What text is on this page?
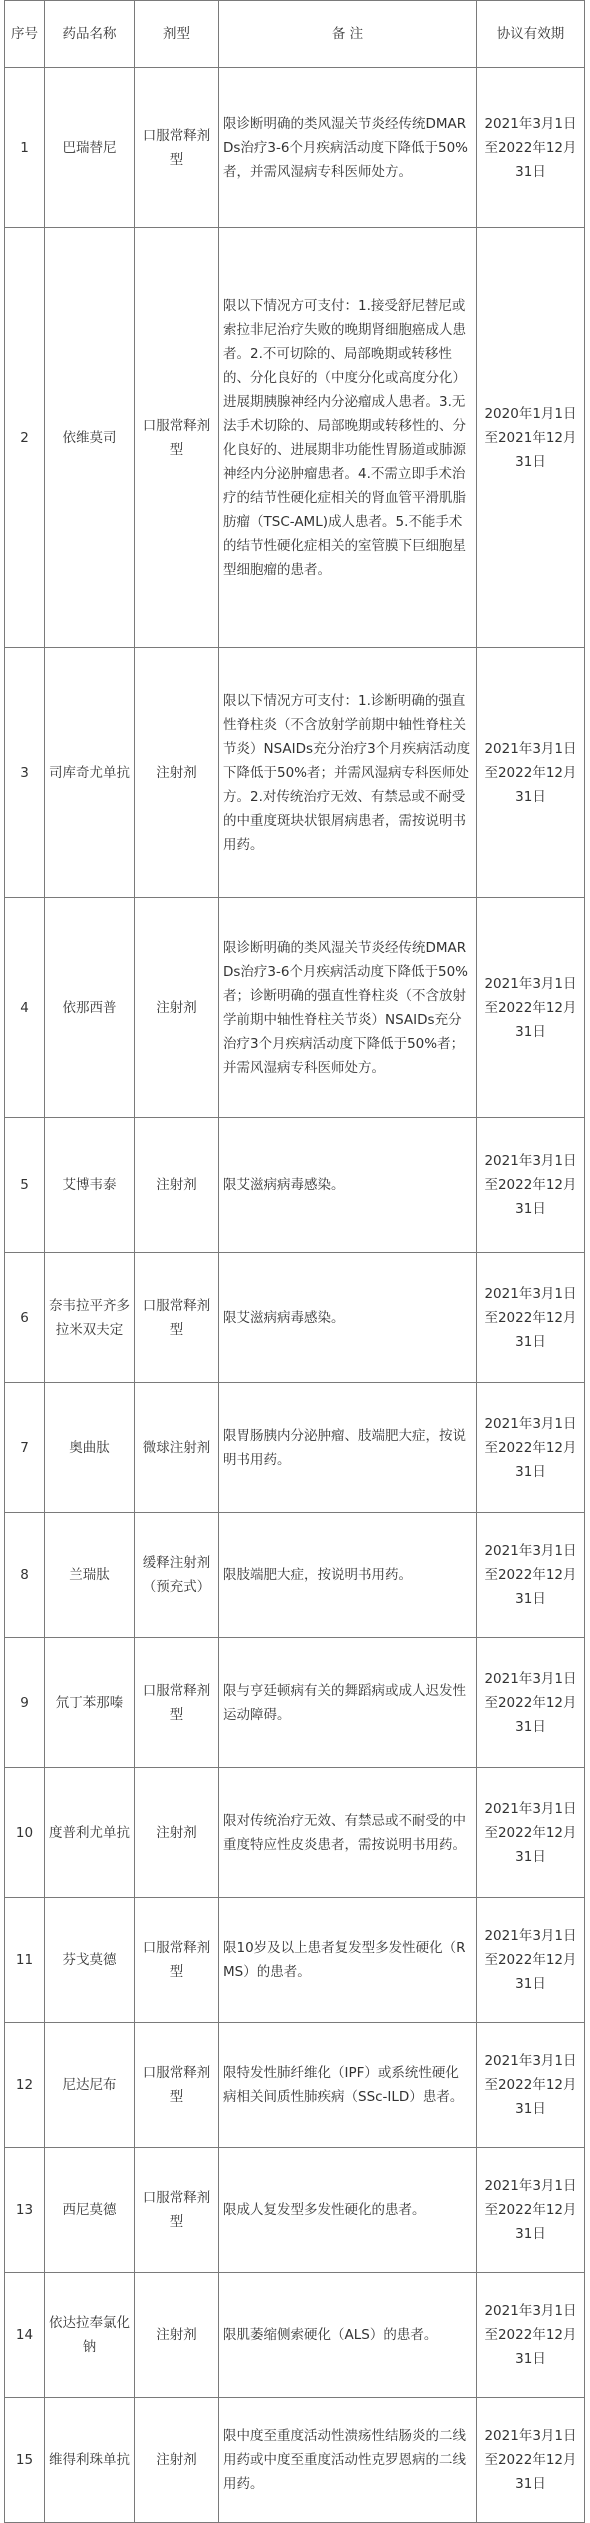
序号	药品名称	剂型	备 注	协议有效期
1	巴瑞替尼	口服常释剂型	限诊断明确的类风湿关节炎经传统DMARDs治疗3-6个月疾病活动度下降低于50%者，并需风湿病专科医师处方。	2021年3月1日至2022年12月31日
2	依维莫司	口服常释剂型	限以下情况方可支付：1.接受舒尼替尼或索拉非尼治疗失败的晚期肾细胞癌成人患者。2.不可切除的、局部晚期或转移性的、分化良好的（中度分化或高度分化）进展期胰腺神经内分泌瘤成人患者。3.无法手术切除的、局部晚期或转移性的、分化良好的、进展期非功能性胃肠道或肺源神经内分泌肿瘤患者。4.不需立即手术治疗的结节性硬化症相关的肾血管平滑肌脂肪瘤（TSC-AML)成人患者。5.不能手术的结节性硬化症相关的室管膜下巨细胞星型细胞瘤的患者。	2020年1月1日至2021年12月31日
3	司库奇尤单抗	注射剂	限以下情况方可支付：1.诊断明确的强直性脊柱炎（不含放射学前期中轴性脊柱关节炎）NSAIDs充分治疗3个月疾病活动度下降低于50%者；并需风湿病专科医师处方。2.对传统治疗无效、有禁忌或不耐受的中重度斑块状银屑病患者，需按说明书用药。	2021年3月1日至2022年12月31日
4	依那西普	注射剂	限诊断明确的类风湿关节炎经传统DMARDs治疗3-6个月疾病活动度下降低于50%者；诊断明确的强直性脊柱炎（不含放射学前期中轴性脊柱关节炎）NSAIDs充分治疗3个月疾病活动度下降低于50%者；并需风湿病专科医师处方。	2021年3月1日至2022年12月31日
5	艾博韦泰	注射剂	限艾滋病病毒感染。	2021年3月1日至2022年12月31日
6	奈韦拉平齐多拉米双夫定	口服常释剂型	限艾滋病病毒感染。	2021年3月1日至2022年12月31日
7	奥曲肽	微球注射剂	限胃肠胰内分泌肿瘤、肢端肥大症，按说明书用药。	2021年3月1日至2022年12月31日
8	兰瑞肽	缓释注射剂（预充式）	限肢端肥大症，按说明书用药。	2021年3月1日至2022年12月31日
9	氘丁苯那嗪	口服常释剂型	限与亨廷顿病有关的舞蹈病或成人迟发性运动障碍。	2021年3月1日至2022年12月31日
10	度普利尤单抗	注射剂	限对传统治疗无效、有禁忌或不耐受的中重度特应性皮炎患者，需按说明书用药。	2021年3月1日至2022年12月31日
11	芬戈莫德	口服常释剂型	限10岁及以上患者复发型多发性硬化（RMS）的患者。	2021年3月1日至2022年12月31日
12	尼达尼布	口服常释剂型	限特发性肺纤维化（IPF）或系统性硬化病相关间质性肺疾病（SSc-ILD）患者。	2021年3月1日至2022年12月31日
13	西尼莫德	口服常释剂型	限成人复发型多发性硬化的患者。	2021年3月1日至2022年12月31日
14	依达拉奉氯化钠	注射剂	限肌萎缩侧索硬化（ALS）的患者。	2021年3月1日至2022年12月31日
15	维得利珠单抗	注射剂	限中度至重度活动性溃疡性结肠炎的二线用药或中度至重度活动性克罗恩病的二线用药。	2021年3月1日至2022年12月31日
